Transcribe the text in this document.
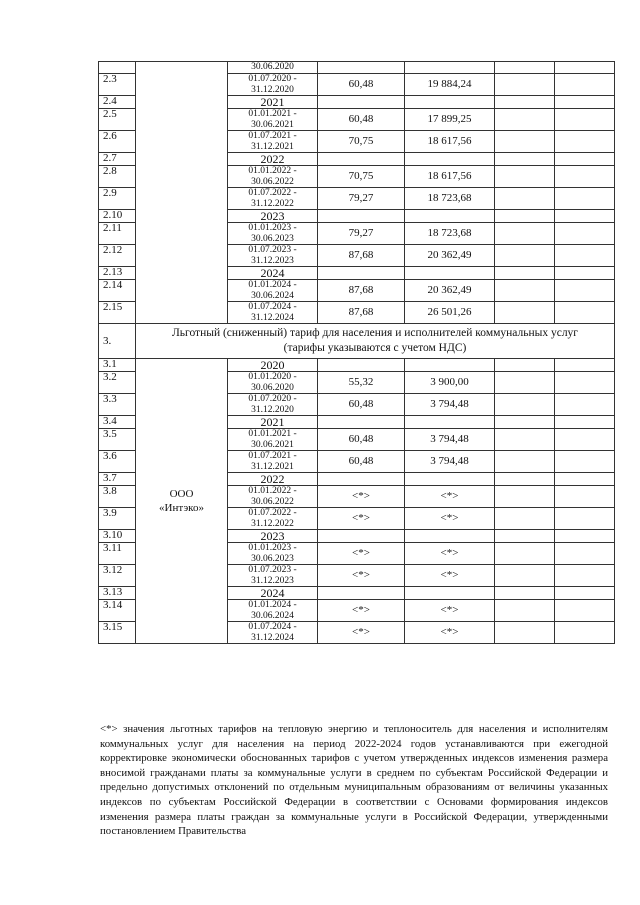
		30.06.2020				
2.3		01.07.2020 -
31.12.2020	60,48	19 884,24		
2.4		2021				
2.5		01.01.2021 -
30.06.2021	60,48	17 899,25		
2.6		01.07.2021 -
31.12.2021	70,75	18 617,56		
2.7		2022				
2.8		01.01.2022 -
30.06.2022	70,75	18 617,56		
2.9		01.07.2022 -
31.12.2022	79,27	18 723,68		
2.10		2023				
2.11		01.01.2023 -
30.06.2023	79,27	18 723,68		
2.12		01.07.2023 -
31.12.2023	87,68	20 362,49		
2.13		2024				
2.14		01.01.2024 -
30.06.2024	87,68	20 362,49		
2.15		01.07.2024 -
31.12.2024	87,68	26 501,26		
3.	Льготный (сниженный) тариф для населения и исполнителей коммунальных услуг
(тарифы указываются с учетом НДС)					

3.1	ООО
«Интэко»	2020				
3.2		01.01.2020 -
30.06.2020	55,32	3 900,00		
3.3		01.07.2020 -
31.12.2020	60,48	3 794,48		
3.4		2021				
3.5		01.01.2021 -
30.06.2021	60,48	3 794,48		
3.6		01.07.2021 -
31.12.2021	60,48	3 794,48		
3.7		2022				
3.8		01.01.2022 -
30.06.2022	<*>	<*>		
3.9		01.07.2022 -
31.12.2022	<*>	<*>		
3.10		2023				
3.11		01.01.2023 -
30.06.2023	<*>	<*>		
3.12		01.07.2023 -
31.12.2023	<*>	<*>		
3.13		2024				
3.14		01.01.2024 -
30.06.2024	<*>	<*>		
3.15		01.07.2024 -
31.12.2024	<*>	<*>		
<*> значения льготных тарифов на тепловую энергию и теплоноситель для населения и исполнителям коммунальных услуг для населения на период 2022-2024 годов устанавливаются при ежегодной корректировке экономически обоснованных тарифов с учетом утвержденных индексов изменения размера вносимой гражданами платы за коммунальные услуги в среднем по субъектам Российской Федерации и предельно допустимых отклонений по отдельным муниципальным образованиям от величины указанных индексов по субъектам Российской Федерации в соответствии с Основами формирования индексов изменения размера платы граждан за коммунальные услуги в Российской Федерации, утвержденными постановлением Правительства
